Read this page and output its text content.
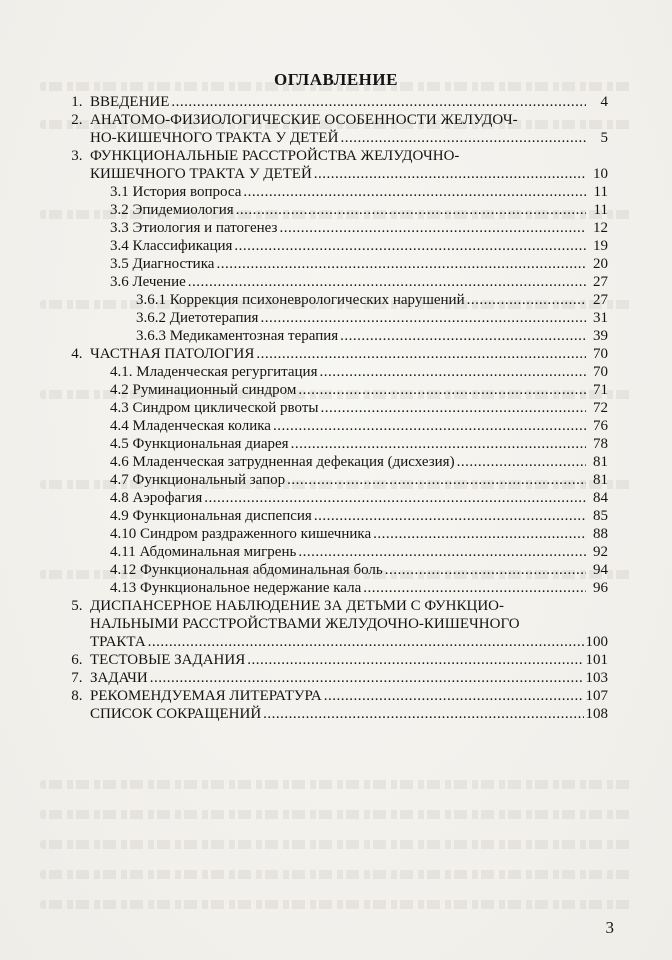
ОГЛАВЛЕНИЕ
1. ВВЕДЕНИЕ .....	4
2.  АНАТОМО-ФИЗИОЛОГИЧЕСКИЕ ОСОБЕННОСТИ ЖЕЛУДОЧ-
НО-КИШЕЧНОГО ТРАКТА У ДЕТЕЙ .....	5
3.  ФУНКЦИОНАЛЬНЫЕ РАССТРОЙСТВА ЖЕЛУДОЧНО-
КИШЕЧНОГО ТРАКТА У ДЕТЕЙ .....	10
3.1 История вопроса .....	11
3.2 Эпидемиология .....	11
3.3 Этиология и патогенез .....	12
3.4 Классификация .....	19
3.5 Диагностика .....	20
3.6 Лечение .....	27
3.6.1 Коррекция психоневрологических нарушений .....	27
3.6.2 Диетотерапия .....	31
3.6.3 Медикаментозная терапия .....	39
4. ЧАСТНАЯ ПАТОЛОГИЯ .....	70
4.1. Младенческая регургитация .....	70
4.2 Руминационный синдром .....	71
4.3 Синдром циклической рвоты .....	72
4.4 Младенческая колика .....	76
4.5 Функциональная диарея .....	78
4.6 Младенческая затрудненная дефекация (дисхезия) .....	81
4.7 Функциональный запор .....	81
4.8 Аэрофагия .....	84
4.9 Функциональная диспепсия .....	85
4.10 Синдром раздраженного кишечника .....	88
4.11 Абдоминальная мигрень .....	92
4.12 Функциональная абдоминальная боль .....	94
4.13 Функциональное недержание кала .....	96
5.  ДИСПАНСЕРНОЕ НАБЛЮДЕНИЕ ЗА ДЕТЬМИ С ФУНКЦИО-
НАЛЬНЫМИ РАССТРОЙСТВАМИ ЖЕЛУДОЧНО-КИШЕЧНОГО
ТРАКТА .....	100
6. ТЕСТОВЫЕ ЗАДАНИЯ .....	101
7. ЗАДАЧИ .....	103
8. РЕКОМЕНДУЕМАЯ ЛИТЕРАТУРА .....	107
СПИСОК СОКРАЩЕНИЙ .....	108
3
